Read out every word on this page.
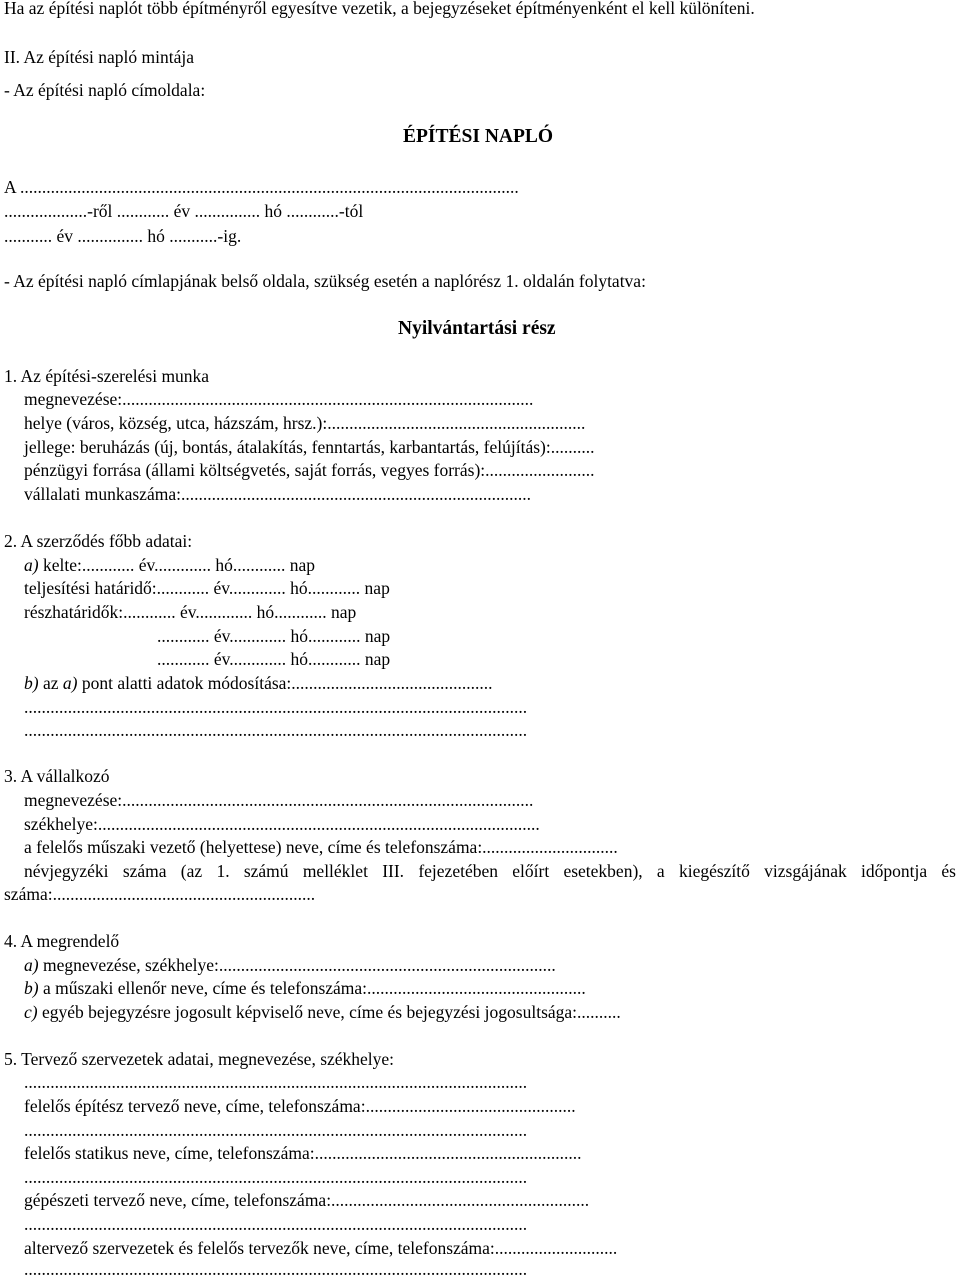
Ha az építési naplót több építményről egyesítve vezetik, a bejegyzéseket építményenként el kell különíteni.
II. Az építési napló mintája
- Az építési napló címoldala:
ÉPÍTÉSI NAPLÓ
A ..................................................................................................................
...................-ről ............ év ............... hó ............-tól
........... év ............... hó ...........-ig.
- Az építési napló címlapjának belső oldala, szükség esetén a naplórész 1. oldalán folytatva:
Nyilvántartási rész
1. Az építési-szerelési munka
megnevezése:..............................................................................................
helye (város, község, utca, házszám, hrsz.):...........................................................
jellege: beruházás (új, bontás, átalakítás, fenntartás, karbantartás, felújítás):..........
pénzügyi forrása (állami költségvetés, saját forrás, vegyes forrás):.........................
vállalati munkaszáma:................................................................................
2. A szerződés főbb adatai:
a) kelte:............ év............. hó............ nap
teljesítési határidő:............ év............. hó............ nap
részhatáridők:............ év............. hó............ nap
............ év............. hó............ nap
............ év............. hó............ nap
b) az a) pont alatti adatok módosítása:..............................................
...................................................................................................................
...................................................................................................................
3. A vállalkozó
megnevezése:..............................................................................................
székhelye:.....................................................................................................
a felelős műszaki vezető (helyettese) neve, címe és telefonszáma:...............................
névjegyzéki száma (az 1. számú melléklet III. fejezetében előírt esetekben), a kiegészítő vizsgájának időpontja és
száma:............................................................
4. A megrendelő
a) megnevezése, székhelye:.............................................................................
b) a műszaki ellenőr neve, címe és telefonszáma:..................................................
c) egyéb bejegyzésre jogosult képviselő neve, címe és bejegyzési jogosultsága:..........
5. Tervező szervezetek adatai, megnevezése, székhelye:
...................................................................................................................
felelős építész tervező neve, címe, telefonszáma:................................................
...................................................................................................................
felelős statikus neve, címe, telefonszáma:.............................................................
...................................................................................................................
gépészeti tervező neve, címe, telefonszáma:...........................................................
...................................................................................................................
altervező szervezetek és felelős tervezők neve, címe, telefonszáma:............................
...................................................................................................................
